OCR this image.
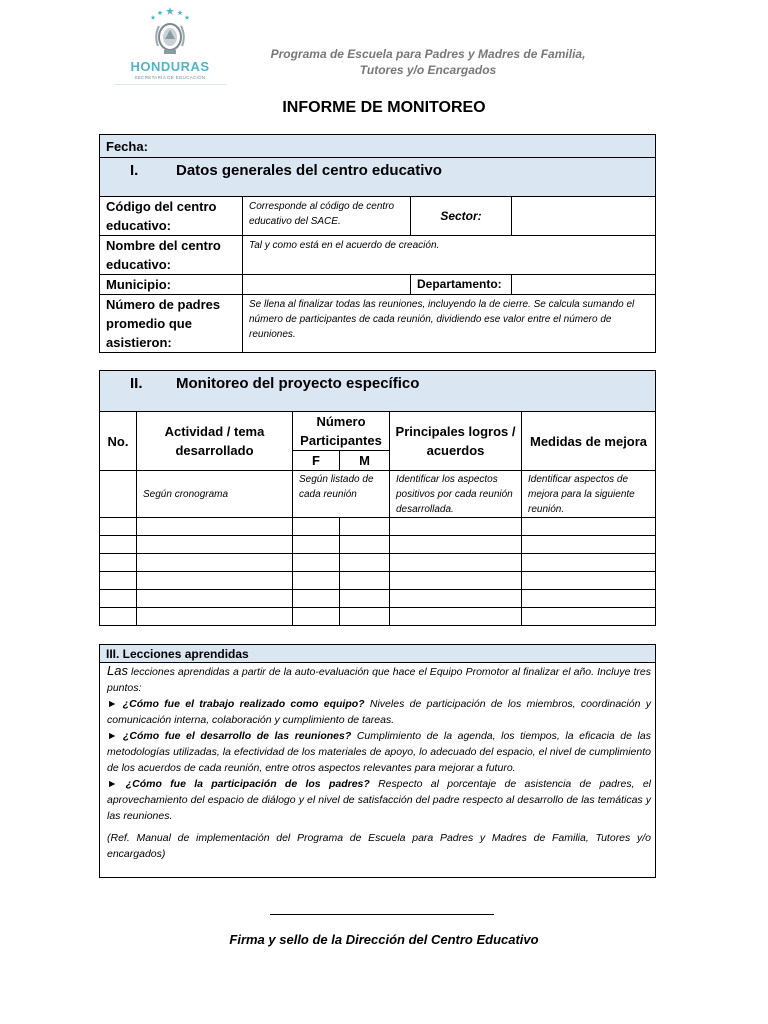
HONDURAS
SECRETARÍA DE EDUCACIÓN
Programa de Escuela para Padres y Madres de Familia,
Tutores y/o Encargados
INFORME DE MONITOREO
Fecha:			
I. Datos generales del centro educativo			
Código del centro educativo:	Corresponde al código de centro educativo del SACE.	Sector:	
Nombre del centro educativo:	Tal y como está en el acuerdo de creación.		
Municipio:		Departamento:	
Número de padres promedio que asistieron:	Se llena al finalizar todas las reuniones, incluyendo la de cierre. Se calcula sumando el número de participantes de cada reunión, dividiendo ese valor entre el número de reuniones.		
II. Monitoreo del proyecto específico					
No.	Actividad / tema desarrollado	Número Participantes		Principales logros / acuerdos	Medidas de mejora
		F	M		
	Según cronograma	Según listado de cada reunión		Identificar los aspectos positivos por cada reunión desarrollada.	Identificar aspectos de mejora para la siguiente reunión.

III. Lecciones aprendidas

Las lecciones aprendidas a partir de la auto-evaluación que hace el Equipo Promotor al finalizar el año. Incluye tres puntos:

► ¿Cómo fue el trabajo realizado como equipo? Niveles de participación de los miembros, coordinación y comunicación interna, colaboración y cumplimiento de tareas.

► ¿Cómo fue el desarrollo de las reuniones? Cumplimiento de la agenda, los tiempos, la eficacia de las metodologías utilizadas, la efectividad de los materiales de apoyo, lo adecuado del espacio, el nivel de cumplimiento de los acuerdos de cada reunión, entre otros aspectos relevantes para mejorar a futuro.

► ¿Cómo fue la participación de los padres? Respecto al porcentaje de asistencia de padres, el aprovechamiento del espacio de diálogo y el nivel de satisfacción del padre respecto al desarrollo de las temáticas y las reuniones.

(Ref. Manual de implementación del Programa de Escuela para Padres y Madres de Familia, Tutores y/o encargados)

Firma y sello de la Dirección del Centro Educativo
